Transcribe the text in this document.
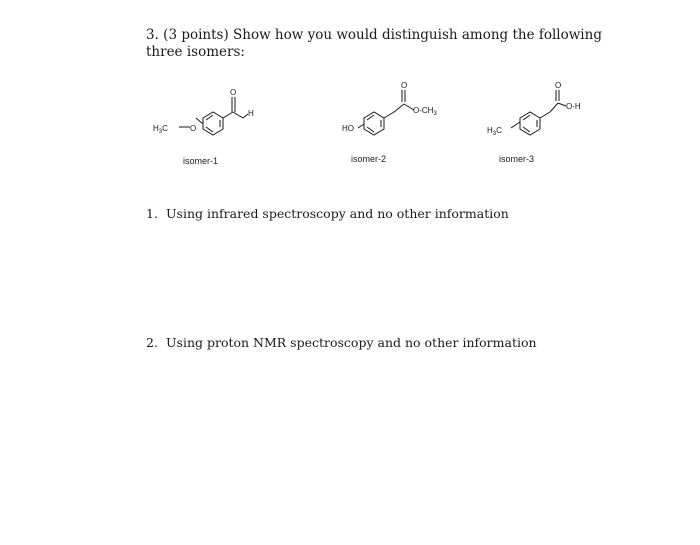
3. (3 points) Show how you would distinguish among the following three isomers:
$H_3C$	O
O
H
HO
O
$O-CH_3$
$H_3C$
O
O-H
isomer-1	isomer-2	isomer-3
1. Using infrared spectroscopy and no other information
2. Using proton NMR spectroscopy and no other information
